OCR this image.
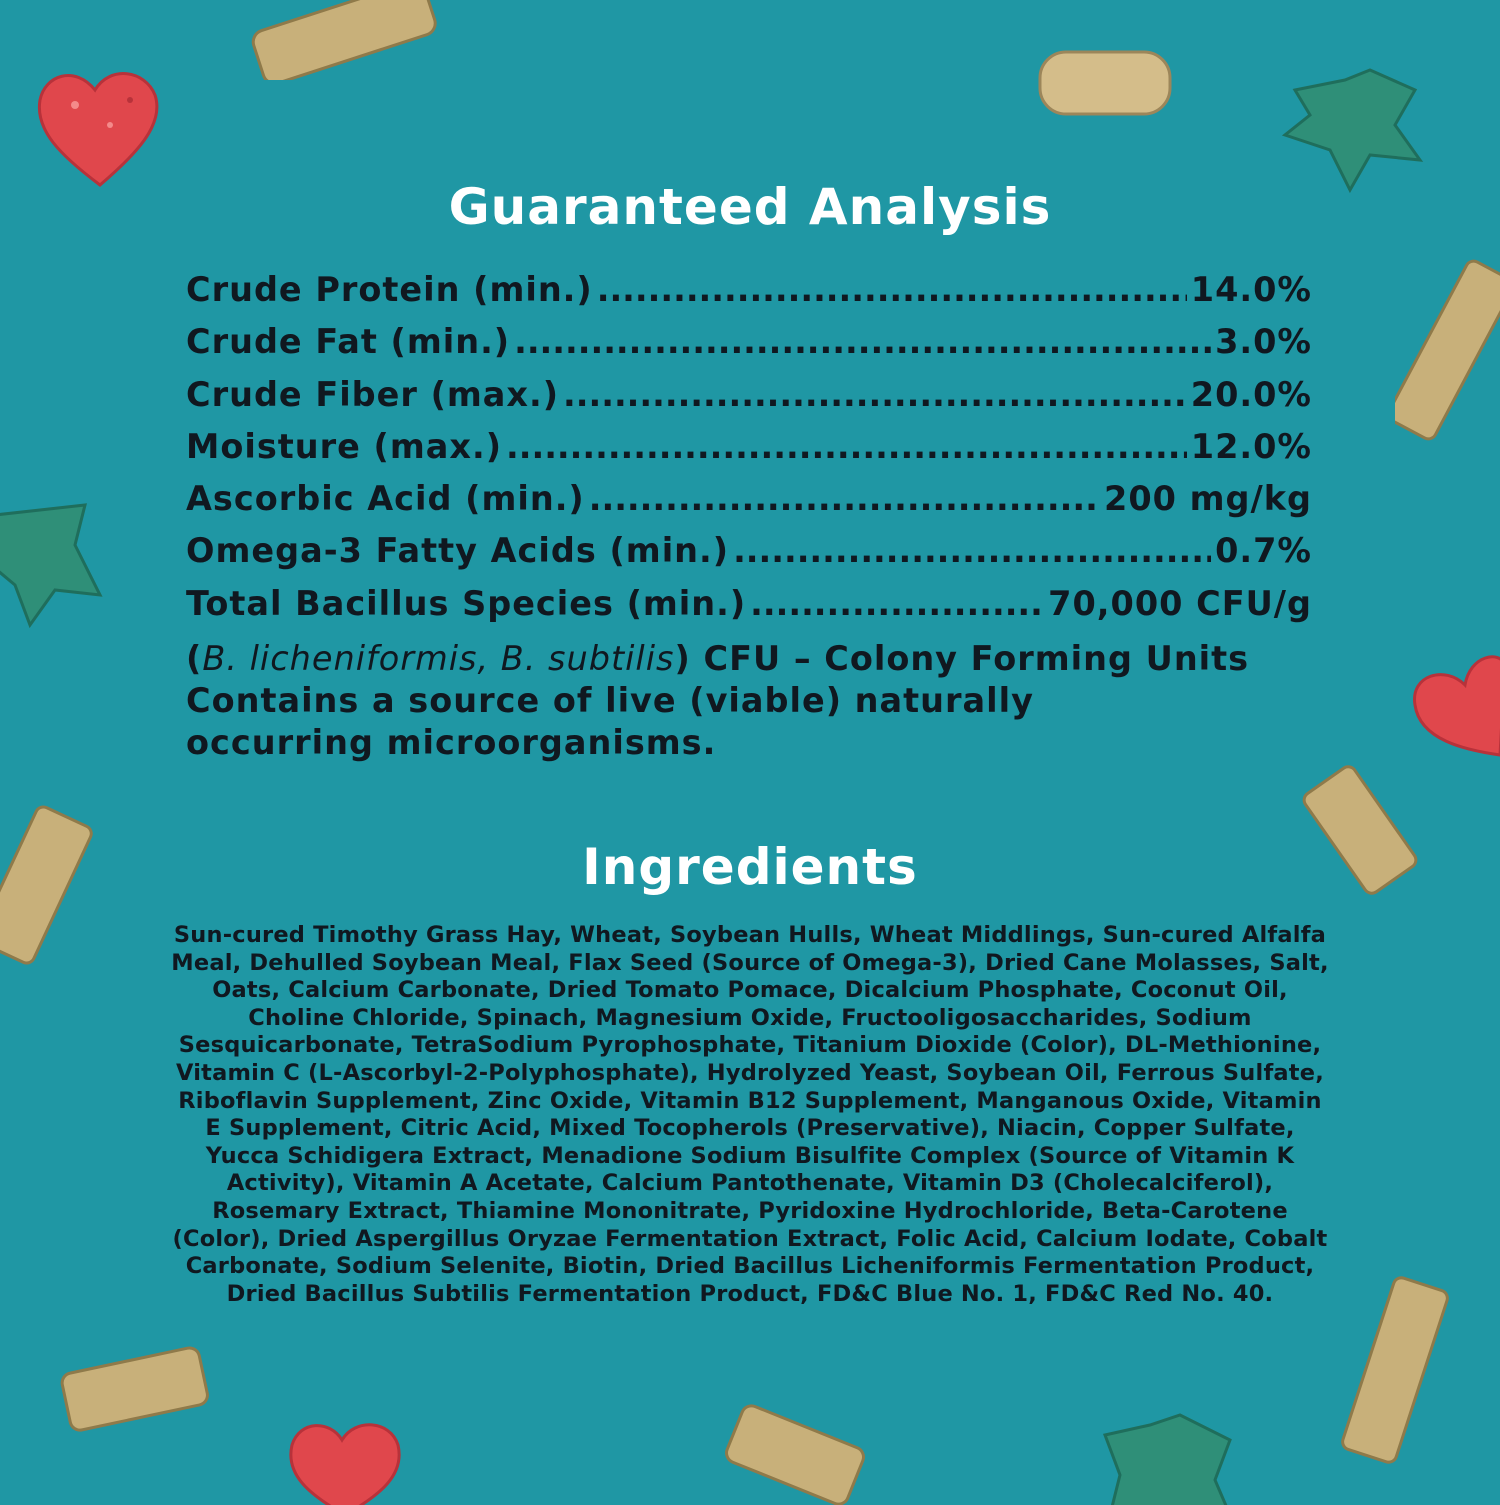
Guaranteed Analysis
Crude Protein (min.) .....	14.0%
Crude Fat (min.) .....	3.0%
Crude Fiber (max.) .....	20.0%
Moisture (max.) .....	12.0%
Ascorbic Acid (min.) .....	200 mg/kg
Omega-3 Fatty Acids (min.) .....	0.7%
Total Bacillus Species (min.) .....	70,000 CFU/g
(B. licheniformis, B. subtilis) CFU – Colony Forming Units
Contains a source of live (viable) naturally
occurring microorganisms.
Ingredients
Sun-cured Timothy Grass Hay, Wheat, Soybean Hulls, Wheat Middlings, Sun-cured Alfalfa Meal, Dehulled Soybean Meal, Flax Seed (Source of Omega-3), Dried Cane Molasses, Salt, Oats, Calcium Carbonate, Dried Tomato Pomace, Dicalcium Phosphate, Coconut Oil, Choline Chloride, Spinach, Magnesium Oxide, Fructooligosaccharides, Sodium Sesquicarbonate, TetraSodium Pyrophosphate, Titanium Dioxide (Color), DL-Methionine, Vitamin C (L-Ascorbyl-2-Polyphosphate), Hydrolyzed Yeast, Soybean Oil, Ferrous Sulfate, Riboflavin Supplement, Zinc Oxide, Vitamin B12 Supplement, Manganous Oxide, Vitamin E Supplement, Citric Acid, Mixed Tocopherols (Preservative), Niacin, Copper Sulfate, Yucca Schidigera Extract, Menadione Sodium Bisulfite Complex (Source of Vitamin K Activity), Vitamin A Acetate, Calcium Pantothenate, Vitamin D3 (Cholecalciferol), Rosemary Extract, Thiamine Mononitrate, Pyridoxine Hydrochloride, Beta-Carotene (Color), Dried Aspergillus Oryzae Fermentation Extract, Folic Acid, Calcium Iodate, Cobalt Carbonate, Sodium Selenite, Biotin, Dried Bacillus Licheniformis Fermentation Product, Dried Bacillus Subtilis Fermentation Product, FD&C Blue No. 1, FD&C Red No. 40.
